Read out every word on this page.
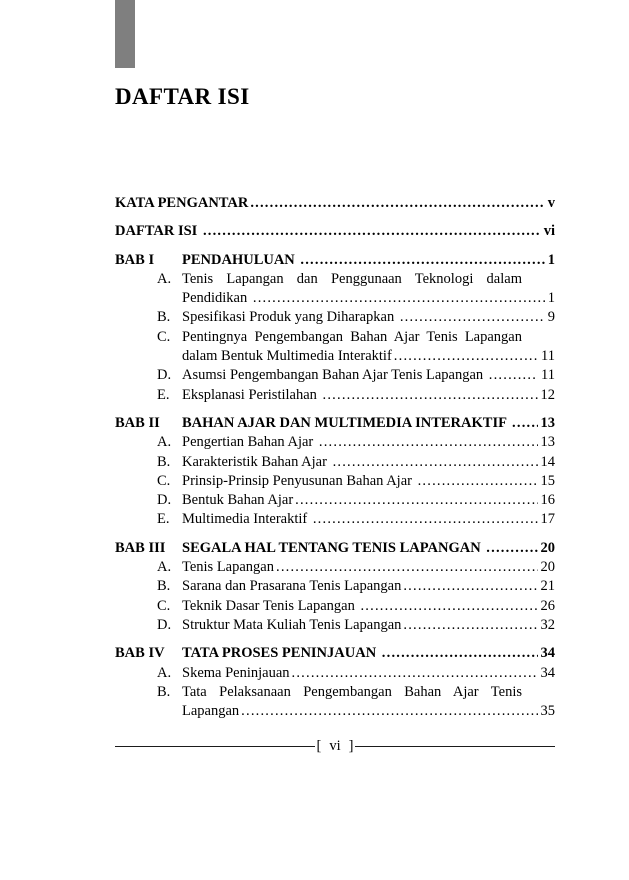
DAFTAR ISI
KATA PENGANTAR .....	v
DAFTAR ISI .....	vi
BAB I	PENDAHULUAN .....	1
A. Tenis Lapangan dan Penggunaan Teknologi dalam
Pendidikan .....	1
B. Spesifikasi Produk yang Diharapkan .....	9
C. Pentingnya Pengembangan Bahan Ajar Tenis Lapangan
dalam Bentuk Multimedia Interaktif .....	11
D. Asumsi Pengembangan Bahan Ajar Tenis Lapangan .....	11
E. Eksplanasi Peristilahan .....	12
BAB II	BAHAN AJAR DAN MULTIMEDIA INTERAKTIF ..... 13
A. Pengertian Bahan Ajar .....	13
B. Karakteristik Bahan Ajar .....	14
C. Prinsip-Prinsip Penyusunan Bahan Ajar .....	15
D. Bentuk Bahan Ajar .....	16
E. Multimedia Interaktif .....	17
BAB III	SEGALA HAL TENTANG TENIS LAPANGAN .....	20
A. Tenis Lapangan .....	20
B. Sarana dan Prasarana Tenis Lapangan .....	21
C. Teknik Dasar Tenis Lapangan .....	26
D. Struktur Mata Kuliah Tenis Lapangan .....	32
BAB IV	TATA PROSES PENINJAUAN .....	34
A. Skema Peninjauan .....	34
B. Tata Pelaksanaan Pengembangan Bahan Ajar Tenis
Lapangan .....	35
[ vi ]
